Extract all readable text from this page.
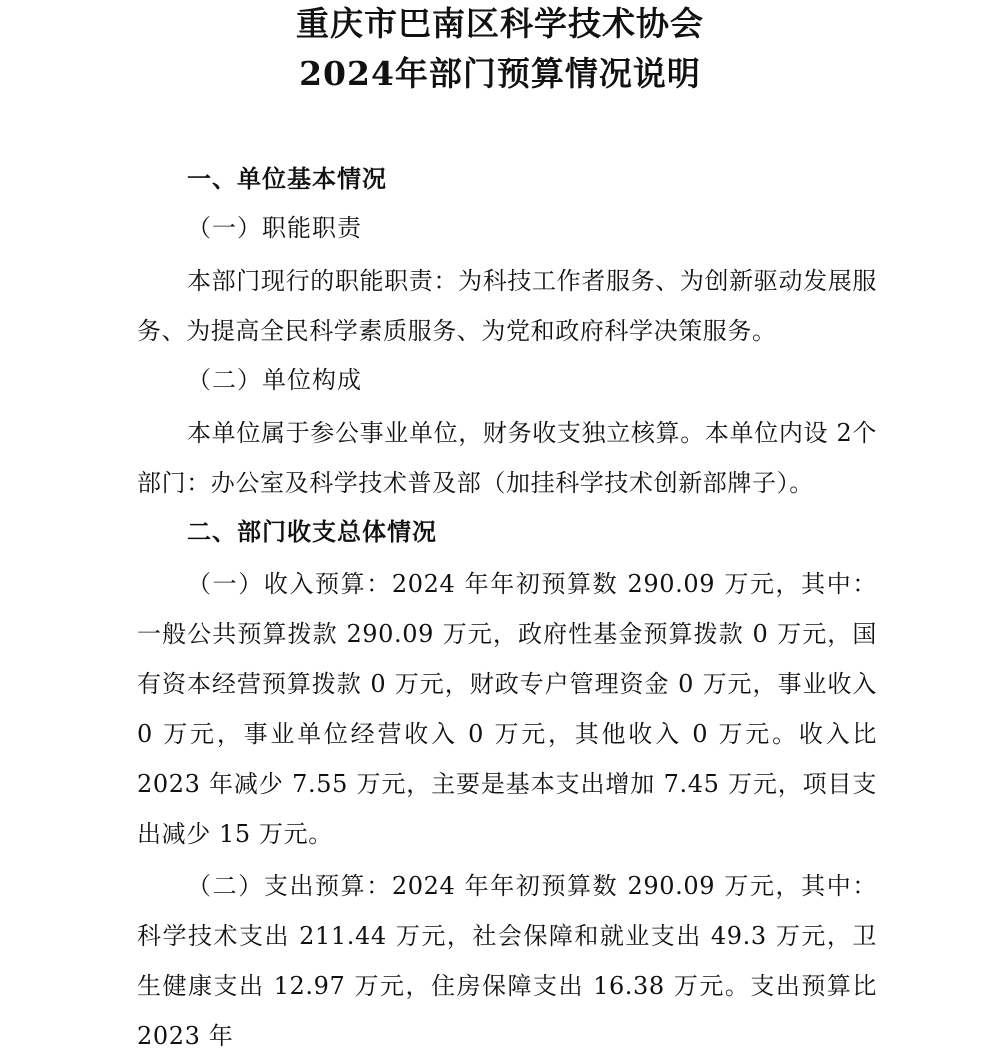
重庆市巴南区科学技术协会
2024年部门预算情况说明
一、单位基本情况
（一）职能职责
本部门现行的职能职责：为科技工作者服务、为创新驱动发展服务、为提高全民科学素质服务、为党和政府科学决策服务。
（二）单位构成
本单位属于参公事业单位，财务收支独立核算。本单位内设 2个部门：办公室及科学技术普及部（加挂科学技术创新部牌子）。
二、部门收支总体情况
（一）收入预算：2024 年年初预算数 290.09 万元，其中：一般公共预算拨款 290.09 万元，政府性基金预算拨款 0 万元，国有资本经营预算拨款 0 万元，财政专户管理资金 0 万元，事业收入 0 万元，事业单位经营收入 0 万元，其他收入 0 万元。收入比 2023 年减少 7.55 万元，主要是基本支出增加 7.45 万元，项目支出减少 15 万元。
（二）支出预算：2024 年年初预算数 290.09 万元，其中：科学技术支出 211.44 万元，社会保障和就业支出 49.3 万元，卫生健康支出 12.97 万元，住房保障支出 16.38 万元。支出预算比 2023 年
